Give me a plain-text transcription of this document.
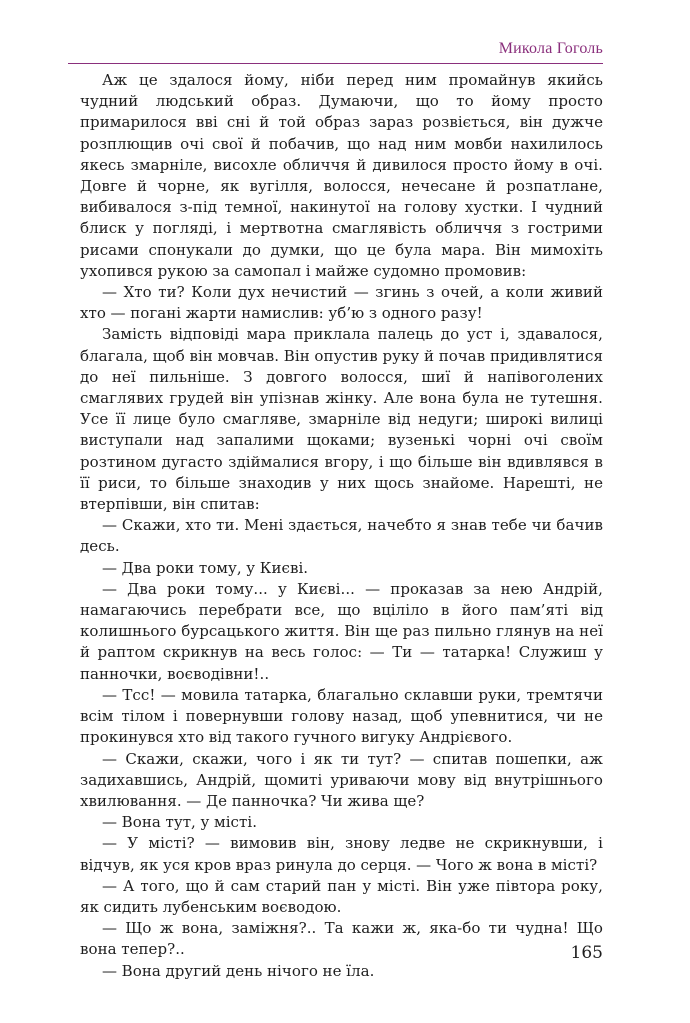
Микола Гоголь

Аж це здалося йому, ніби перед ним промайнув якийсь чудний людський образ. Думаючи, що то йому просто примарилося вві сні й той образ зараз розвіється, він дужче розплющив очі свої й побачив, що над ним мовби нахилилось якесь змарніле, висохле обличчя й дивилося просто йому в очі. Довге й чорне, як вугілля, волосся, нечесане й розпатлане, вибивалося з-під темної, накинутої на голову хустки. І чудний блиск у погляді, і мертвотна смаглявість обличчя з гострими рисами спонукали до думки, що це була мара. Він мимохіть ухопився рукою за самопал і майже судомно промовив:

— Хто ти? Коли дух нечистий — згинь з очей, а коли живий хто — погані жарти намислив: уб’ю з одного разу!

Замість відповіді мара приклала палець до уст і, здавалося, благала, щоб він мовчав. Він опустив руку й почав придивлятися до неї пильніше. З довгого волосся, шиї й напівоголених смаглявих грудей він упізнав жінку. Але вона була не тутешня. Усе її лице було смагляве, змарніле від недуги; широкі вилиці виступали над запалими щоками; вузенькі чорні очі своїм розтином дугасто здіймалися вгору, і що більше він вдивлявся в її риси, то більше знаходив у них щось знайоме. Нарешті, не втерпівши, він спитав:

— Скажи, хто ти. Мені здається, начебто я знав тебе чи бачив десь.

— Два роки тому, у Києві.

— Два роки тому... у Києві... — проказав за нею Андрій, намагаючись перебрати все, що вціліло в його пам’яті від колишнього бурсацького життя. Він ще раз пильно глянув на неї й раптом скрикнув на весь голос: — Ти — татарка! Служиш у панночки, воєводівни!..

— Тсс! — мовила татарка, благально склавши руки, тремтячи всім тілом і повернувши голову назад, щоб упевнитися, чи не прокинувся хто від такого гучного вигуку Андрієвого.

— Скажи, скажи, чого і як ти тут? — спитав пошепки, аж задихавшись, Андрій, щомиті уриваючи мову від внутрішнього хвилювання. — Де панночка? Чи жива ще?

— Вона тут, у місті.

— У місті? — вимовив він, знову ледве не скрикнувши, і відчув, як уся кров враз ринула до серця. — Чого ж вона в місті?

— А того, що й сам старий пан у місті. Він уже півтора року, як сидить лубенським воєводою.

— Що ж вона, заміжня?.. Та кажи ж, яка-бо ти чудна! Що вона тепер?..

— Вона другий день нічого не їла.

165
